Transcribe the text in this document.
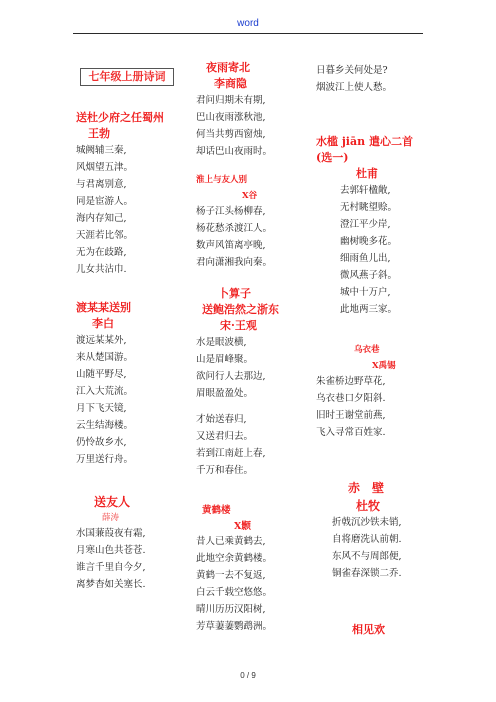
word
七年级上册诗词
送杜少府之任蜀州
王勃
城阙辅三秦,
风烟望五津。
与君离别意,
同是宦游人。
海内存知己,
天涯若比邻。
无为在歧路,
儿女共沾巾.
渡某某送别
李白
渡远某某外,
来从楚国游。
山随平野尽,
江入大荒流。
月下飞天镜,
云生结海楼。
仍怜故乡水,
万里送行舟。
送友人
薛涛
水国蒹葭夜有霜,
月寒山色共苍苍.
谁言千里自今夕,
离梦杳如关塞长.
夜雨寄北
李商隐
君问归期未有期,
巴山夜雨涨秋池,
何当共剪西窗烛,
却话巴山夜雨时。
淮上与友人别
X谷
杨子江头杨柳春,
杨花愁杀渡江人。
数声风笛离亭晚,
君向潇湘我向秦。
卜算子
送鲍浩然之浙东
宋·王观
水是眼波横,
山是眉峰聚。
欲问行人去那边,
眉眼盈盈处。
才始送春归,
又送君归去。
若到江南赶上春,
千万和春住。
黄鹤楼
X颢
昔人已乘黄鹤去,
此地空余黄鹤楼。
黄鹤一去不复返,
白云千载空悠悠。
晴川历历汉阳树,
芳草萋萋鹦鹉洲。
日暮乡关何处是?
烟波江上使人愁。
水槛 jiān 遣心二首
(选一)
杜甫
去郭轩楹敞,
无村眺望赊。
澄江平少岸,
幽树晚多花。
细雨鱼儿出,
微风燕子斜。
城中十万户,
此地两三家。
乌衣巷
X禹锡
朱雀桥边野草花,
乌衣巷口夕阳斜.
旧时王谢堂前燕,
飞入寻常百姓家.
赤　壁
杜牧
折戟沉沙铁未销,
自将磨洗认前朝.
东风不与周郎便,
铜雀春深锁二乔.
相见欢
0 / 9
